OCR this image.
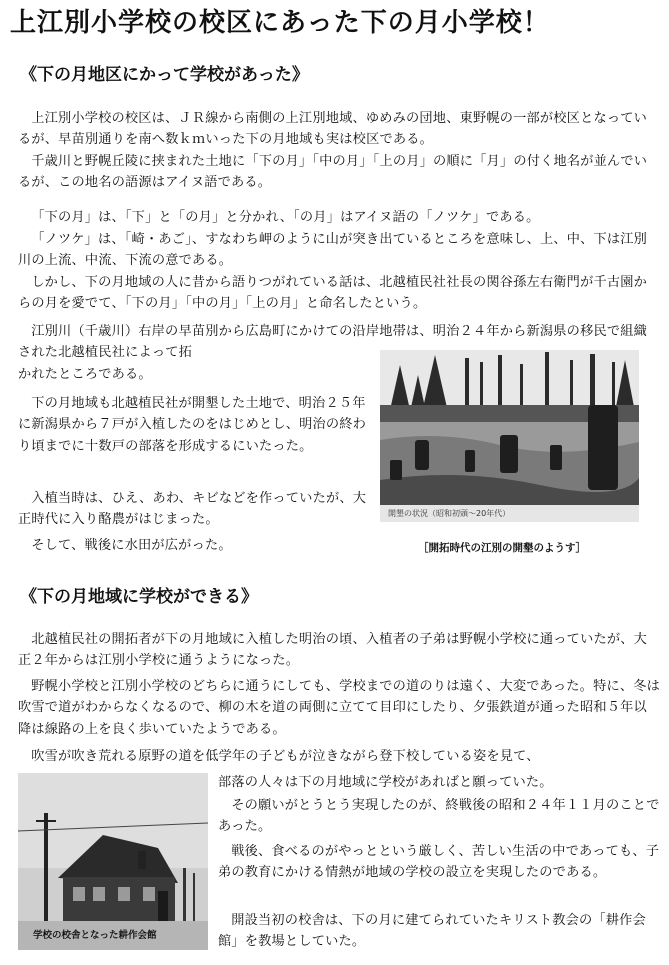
上江別小学校の校区にあった下の月小学校！
《下の月地区にかって学校があった》

上江別小学校の校区は、ＪＲ線から南側の上江別地域、ゆめみの団地、東野幌の一部が校区となっているが、早苗別通りを南へ数ｋｍいった下の月地域も実は校区である。

千歳川と野幌丘陵に挟まれた土地に「下の月」「中の月」「上の月」の順に「月」の付く地名が並んでいるが、この地名の語源はアイヌ語である。

「下の月」は、「下」と「の月」と分かれ、「の月」はアイヌ語の「ノツケ」である。

「ノツケ」は、「崎・あご」、すなわち岬のように山が突き出ているところを意味し、上、中、下は江別川の上流、中流、下流の意である。

しかし、下の月地域の人に昔から語りつがれている話は、北越植民社社長の関谷孫左右衛門が千古園からの月を愛でて、「下の月」「中の月」「上の月」と命名したという。

江別川（千歳川）右岸の早苗別から広島町にかけての沿岸地帯は、明治２４年から新潟県の移民で組織された北越植民社によって拓

かれたところである。

下の月地域も北越植民社が開墾した土地で、明治２５年に新潟県から７戸が入植したのをはじめとし、明治の終わり頃までに十数戸の部落を形成するにいたった。

入植当時は、ひえ、あわ、キビなどを作っていたが、大正時代に入り酪農がはじまった。

そして、戦後に水田が広がった。

開墾の状況（昭和初頭〜20年代）
［開拓時代の江別の開墾のようす］
《下の月地域に学校ができる》

北越植民社の開拓者が下の月地域に入植した明治の頃、入植者の子弟は野幌小学校に通っていたが、大正２年からは江別小学校に通うようになった。

野幌小学校と江別小学校のどちらに通うにしても、学校までの道のりは遠く、大変であった。特に、冬は吹雪で道がわからなくなるので、柳の木を道の両側に立てて目印にしたり、夕張鉄道が通った昭和５年以降は線路の上を良く歩いていたようである。

吹雪が吹き荒れる原野の道を低学年の子どもが泣きながら登下校している姿を見て、

部落の人々は下の月地域に学校があればと願っていた。

その願いがとうとう実現したのが、終戦後の昭和２４年１１月のことであった。

戦後、食べるのがやっとという厳しく、苦しい生活の中であっても、子弟の教育にかける情熱が地域の学校の設立を実現したのである。

開設当初の校舎は、下の月に建てられていたキリスト教会の「耕作会館」を教場としていた。

学校の校舎となった耕作会館
